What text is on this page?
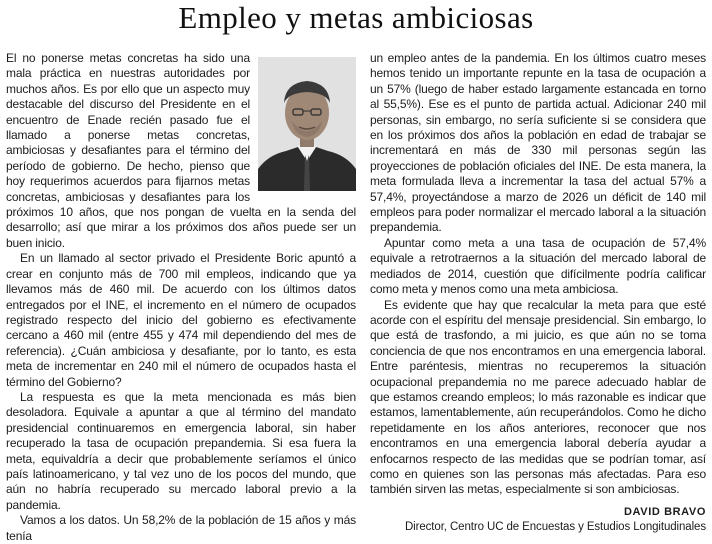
Empleo y metas ambiciosas

El no ponerse metas concretas ha sido una mala práctica en nuestras autoridades por muchos años. Es por ello que un aspecto muy destacable del discurso del Presidente en el encuentro de Enade recién pasado fue el llamado a ponerse metas concretas, ambiciosas y desafiantes para el término del período de gobierno. De hecho, pienso que hoy requerimos acuerdos para fijarnos metas concretas, ambiciosas y desafiantes para los próximos 10 años, que nos pongan de vuelta en la senda del desarrollo; así que mirar a los próximos dos años puede ser un buen inicio.

En un llamado al sector privado el Presidente Boric apuntó a crear en conjunto más de 700 mil empleos, indicando que ya llevamos más de 460 mil. De acuerdo con los últimos datos entregados por el INE, el incremento en el número de ocupados registrado respecto del inicio del gobierno es efectivamente cercano a 460 mil (entre 455 y 474 mil dependiendo del mes de referencia). ¿Cuán ambiciosa y desafiante, por lo tanto, es esta meta de incrementar en 240 mil el número de ocupados hasta el término del Gobierno?

La respuesta es que la meta mencionada es más bien desoladora. Equivale a apuntar a que al término del mandato presidencial continuaremos en emergencia laboral, sin haber recuperado la tasa de ocupación prepandemia. Si esa fuera la meta, equivaldría a decir que probablemente seríamos el único país latinoamericano, y tal vez uno de los pocos del mundo, que aún no habría recuperado su mercado laboral previo a la pandemia.

Vamos a los datos. Un 58,2% de la población de 15 años y más tenía

un empleo antes de la pandemia. En los últimos cuatro meses hemos tenido un importante repunte en la tasa de ocupación a un 57% (luego de haber estado largamente estancada en torno al 55,5%). Ese es el punto de partida actual. Adicionar 240 mil personas, sin embargo, no sería suficiente si se considera que en los próximos dos años la población en edad de trabajar se incrementará en más de 330 mil personas según las proyecciones de población oficiales del INE. De esta manera, la meta formulada lleva a incrementar la tasa del actual 57% a 57,4%, proyectándose a marzo de 2026 un déficit de 140 mil empleos para poder normalizar el mercado laboral a la situación prepandemia.

Apuntar como meta a una tasa de ocupación de 57,4% equivale a retrotraernos a la situación del mercado laboral de mediados de 2014, cuestión que difícilmente podría calificar como meta y menos como una meta ambiciosa.

Es evidente que hay que recalcular la meta para que esté acorde con el espíritu del mensaje presidencial. Sin embargo, lo que está de trasfondo, a mi juicio, es que aún no se toma conciencia de que nos encontramos en una emergencia laboral. Entre paréntesis, mientras no recuperemos la situación ocupacional prepandemia no me parece adecuado hablar de que estamos creando empleos; lo más razonable es indicar que estamos, lamentablemente, aún recuperándolos. Como he dicho repetidamente en los años anteriores, reconocer que nos encontramos en una emergencia laboral debería ayudar a enfocarnos respecto de las medidas que se podrían tomar, así como en quienes son las personas más afectadas. Para eso también sirven las metas, especialmente si son ambiciosas.

DAVID BRAVO
Director, Centro UC de Encuestas y Estudios Longitudinales
